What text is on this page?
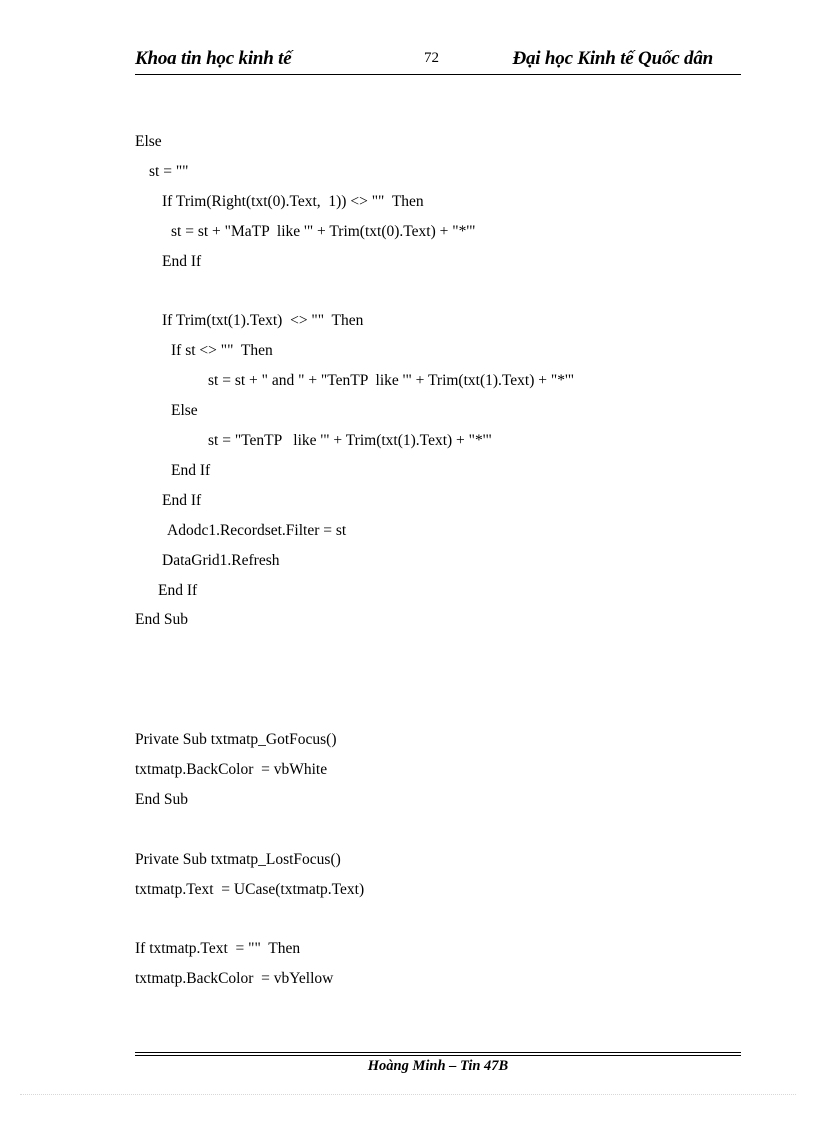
Khoa tin học kinh tế	72	Đại học Kinh tế Quốc dân
Else
st = ""
If Trim(Right(txt(0).Text,  1)) <> ""  Then
st = st + "MaTP  like '" + Trim(txt(0).Text) + "*'"
End If
If Trim(txt(1).Text)  <> ""  Then
If st <> ""  Then
st = st + " and " + "TenTP  like '" + Trim(txt(1).Text) + "*'"
Else
st = "TenTP   like '" + Trim(txt(1).Text) + "*'"
End If
End If
Adodc1.Recordset.Filter = st
DataGrid1.Refresh
End If
End Sub
Private Sub txtmatp_GotFocus()
txtmatp.BackColor  = vbWhite
End Sub
Private Sub txtmatp_LostFocus()
txtmatp.Text  = UCase(txtmatp.Text)
If txtmatp.Text  = ""  Then
txtmatp.BackColor  = vbYellow
Hoàng Minh – Tin 47B
